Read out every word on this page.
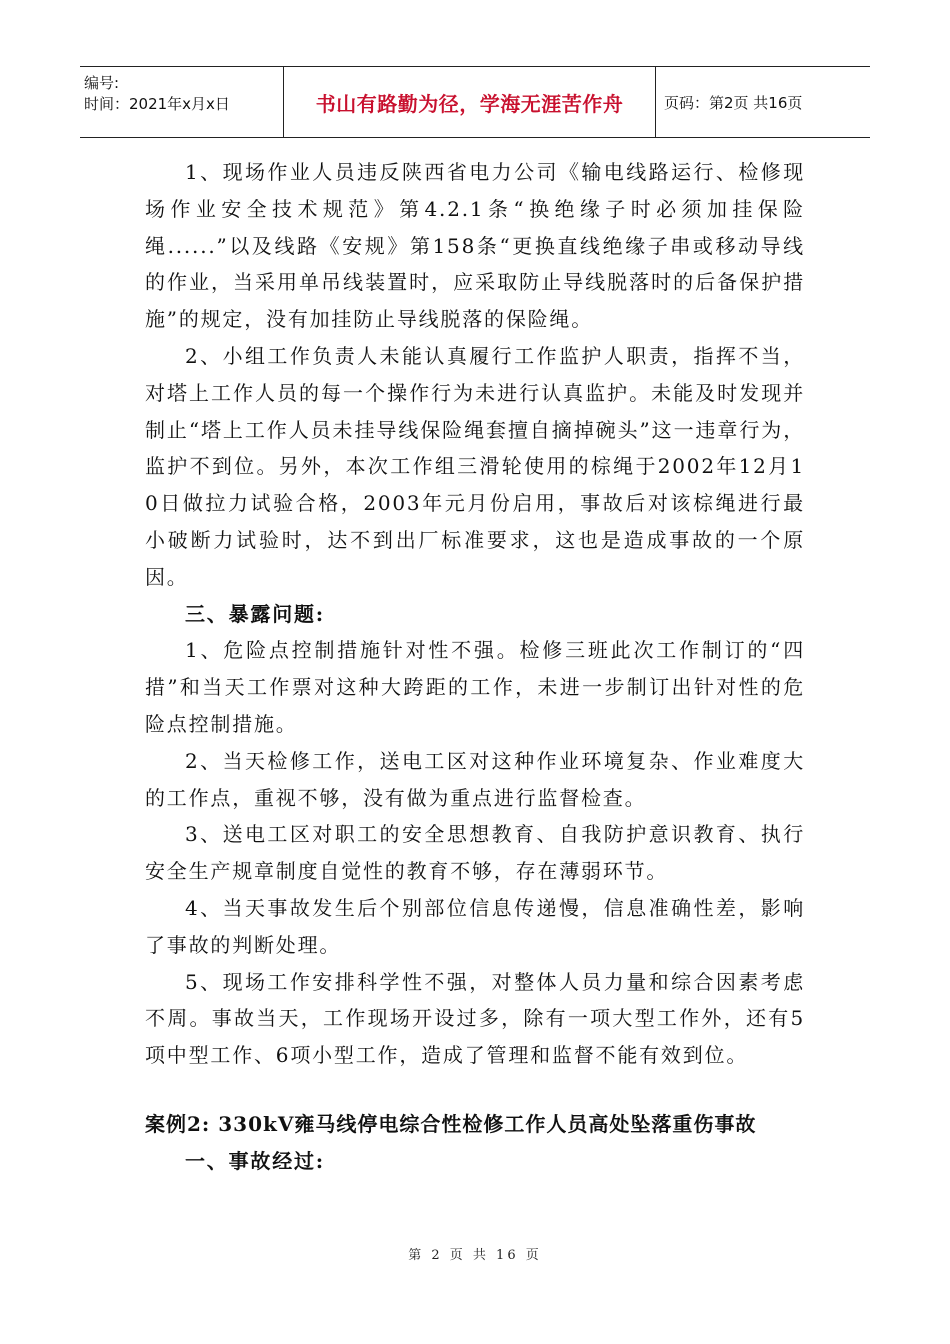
编号:
时间：2021年x月x日	书山有路勤为径，学海无涯苦作舟	页码：第2页 共16页

1、现场作业人员违反陕西省电力公司《输电线路运行、检修现场作业安全技术规范》第4.2.1条“换绝缘子时必须加挂保险绳......”以及线路《安规》第158条“更换直线绝缘子串或移动导线的作业，当采用单吊线装置时，应采取防止导线脱落时的后备保护措施”的规定，没有加挂防止导线脱落的保险绳。

2、小组工作负责人未能认真履行工作监护人职责，指挥不当，对塔上工作人员的每一个操作行为未进行认真监护。未能及时发现并制止“塔上工作人员未挂导线保险绳套擅自摘掉碗头”这一违章行为，监护不到位。另外，本次工作组三滑轮使用的棕绳于2002年12月10日做拉力试验合格，2003年元月份启用，事故后对该棕绳进行最小破断力试验时，达不到出厂标准要求，这也是造成事故的一个原因。

三、暴露问题:

1、危险点控制措施针对性不强。检修三班此次工作制订的“四措”和当天工作票对这种大跨距的工作，未进一步制订出针对性的危险点控制措施。

2、当天检修工作，送电工区对这种作业环境复杂、作业难度大的工作点，重视不够，没有做为重点进行监督检查。

3、送电工区对职工的安全思想教育、自我防护意识教育、执行安全生产规章制度自觉性的教育不够，存在薄弱环节。

4、当天事故发生后个别部位信息传递慢，信息准确性差，影响了事故的判断处理。

5、现场工作安排科学性不强，对整体人员力量和综合因素考虑不周。事故当天，工作现场开设过多，除有一项大型工作外，还有5项中型工作、6项小型工作，造成了管理和监督不能有效到位。

案例2: 330kV雍马线停电综合性检修工作人员高处坠落重伤事故

一、事故经过:

第 2 页 共 16 页
